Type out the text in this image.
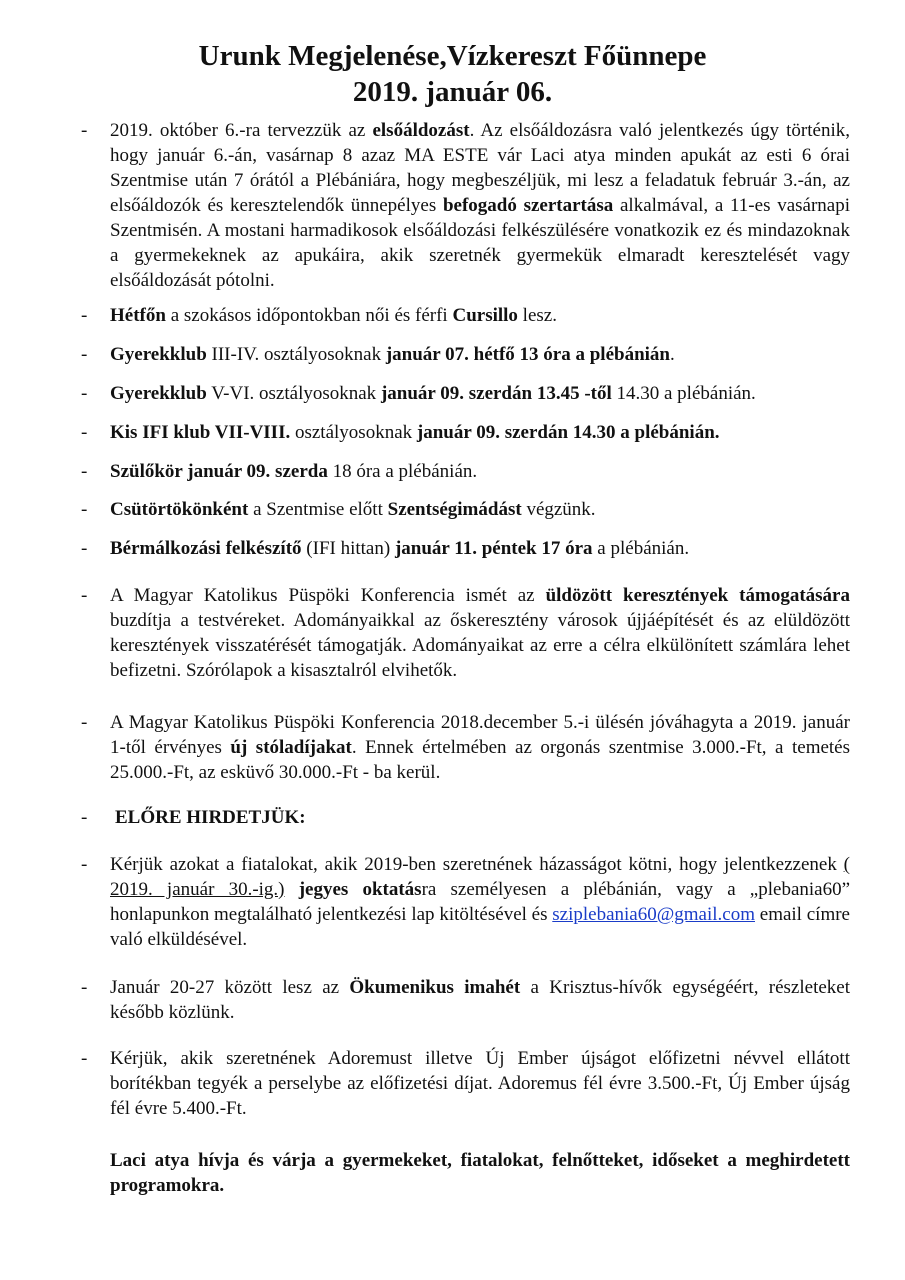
Urunk Megjelenése,Vízkereszt Főünnepe
2019. január 06.
- 2019. október 6.-ra tervezzük az elsőáldozást. Az elsőáldozásra való jelentkezés úgy történik, hogy január 6.-án, vasárnap 8 azaz MA ESTE vár Laci atya minden apukát az esti 6 órai Szentmise után 7 órától a Plébániára, hogy megbeszéljük, mi lesz a feladatuk február 3.-án, az elsőáldozók és keresztelendők ünnepélyes befogadó szertartása alkalmával, a 11-es vasárnapi Szentmisén. A mostani harmadikosok elsőáldozási felkészülésére vonatkozik ez és mindazoknak a gyermekeknek az apukáira, akik szeretnék gyermekük elmaradt keresztelését vagy elsőáldozását pótolni.
- Hétfőn a szokásos időpontokban női és férfi Cursillo lesz.
- Gyerekklub III-IV. osztályosoknak január 07. hétfő 13 óra a plébánián.
- Gyerekklub V-VI. osztályosoknak január 09. szerdán 13.45 -től 14.30 a plébánián.
- Kis IFI klub VII-VIII. osztályosoknak január 09. szerdán 14.30 a plébánián.
- Szülőkör január 09. szerda 18 óra a plébánián.
- Csütörtökönként a Szentmise előtt Szentségimádást végzünk.
- Bérmálkozási felkészítő (IFI hittan) január 11. péntek 17 óra a plébánián.
- A Magyar Katolikus Püspöki Konferencia ismét az üldözött keresztények támogatására buzdítja a testvéreket. Adományaikkal az őskeresztény városok újjáépítését és az elüldözött keresztények visszatérését támogatják. Adományaikat az erre a célra elkülönített számlára lehet befizetni. Szórólapok a kisasztalról elvihetők.
- A Magyar Katolikus Püspöki Konferencia 2018.december 5.-i ülésén jóváhagyta a 2019. január 1-től érvényes új stóladíjakat. Ennek értelmében az orgonás szentmise 3.000.-Ft, a temetés 25.000.-Ft, az esküvő 30.000.-Ft - ba kerül.
- ELŐRE HIRDETJÜK:
- Kérjük azokat a fiatalokat, akik 2019-ben szeretnének házasságot kötni, hogy jelentkezzenek ( 2019. január 30.-ig.) jegyes oktatásra személyesen a plébánián, vagy a „plebania60” honlapunkon megtalálható jelentkezési lap kitöltésével és sziplebania60@gmail.com email címre való elküldésével.
- Január 20-27 között lesz az Ökumenikus imahét a Krisztus-hívők egységéért, részleteket később közlünk.
- Kérjük, akik szeretnének Adoremust illetve Új Ember újságot előfizetni névvel ellátott borítékban tegyék a perselybe az előfizetési díjat. Adoremus fél évre 3.500.-Ft, Új Ember újság fél évre 5.400.-Ft.
Laci atya hívja és várja a gyermekeket, fiatalokat, felnőtteket, időseket a meghirdetett programokra.
